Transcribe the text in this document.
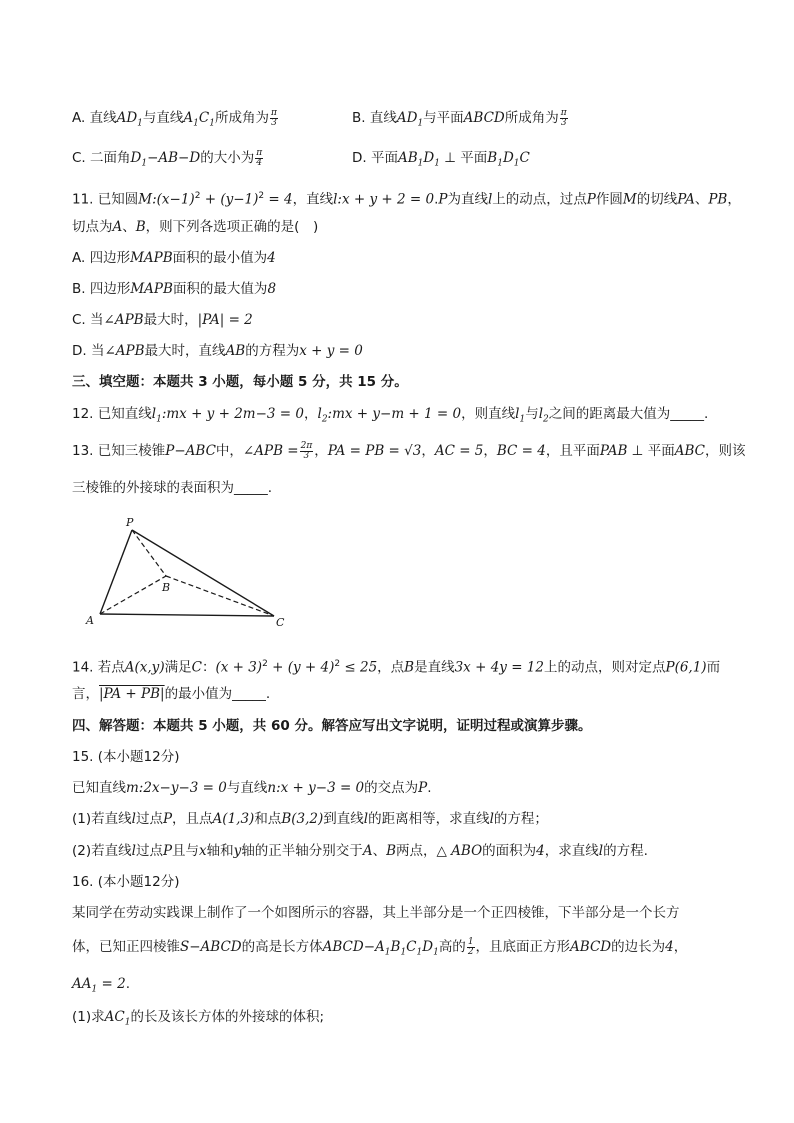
A. 直线$AD_1$与直线$A_1C_1$所成角为 $\frac{\pi}{3}$	B. 直线$AD_1$与平面ABCD所成角为 $\frac{\pi}{3}$
C. 二面角$D_1-AB-D$的大小为 $\frac{\pi}{4}$	D. 平面$AB_1D_1$ ⊥ 平面$B_1D_1C$
11. 已知圆$M:(x-1)^2 + (y-1)^2 = 4$，直线l:x + y + 2 = 0.P为直线l上的动点，过点P作圆M的切线PA、PB，
切点为A、B，则下列各选项正确的是(　)
A. 四边形MAPB面积的最小值为4
B. 四边形MAPB面积的最大值为8
C. 当∠APB最大时，|PA| = 2
D. 当∠APB最大时，直线AB的方程为x + y = 0
三、填空题：本题共 3 小题，每小题 5 分，共 15 分。
12. 已知直线$l_1:mx + y + 2m-3 = 0$，$l_2:mx + y-m + 1 = 0$，则直线$l_1$与$l_2$之间的距离最大值为_____.
13. 已知三棱锥P−ABC中，∠APB = $\frac{2\pi}{3}$ ，PA = PB = √3，AC = 5，BC = 4，且平面PAB ⊥ 平面ABC，则该
三棱锥的外接球的表面积为_____.
P
A
B
C
14. 若点A(x,y)满足C：$(x + 3)^2 + (y + 4)^2 \le 25$，点B是直线3x + 4y = 12上的动点，则对定点P(6,1)而
言，|PA + PB|的最小值为_____.
四、解答题：本题共 5 小题，共 60 分。解答应写出文字说明，证明过程或演算步骤。
15. (本小题12分)
已知直线m:2x−y−3 = 0与直线n:x + y−3 = 0的交点为P.
(1)若直线l过点P，且点A(1,3)和点B(3,2)到直线l的距离相等，求直线l的方程；
(2)若直线l过点P且与x轴和y轴的正半轴分别交于A、B两点，△ ABO的面积为4，求直线l的方程.
16. (本小题12分)
某同学在劳动实践课上制作了一个如图所示的容器，其上半部分是一个正四棱锥，下半部分是一个长方
体，已知正四棱锥S−ABCD的高是长方体$ABCD-A_1B_1C_1D_1$高的 $\frac{1}{2}$ ，且底面正方形ABCD的边长为4，
$AA_1 = 2$.
(1)求$AC_1$的长及该长方体的外接球的体积;
